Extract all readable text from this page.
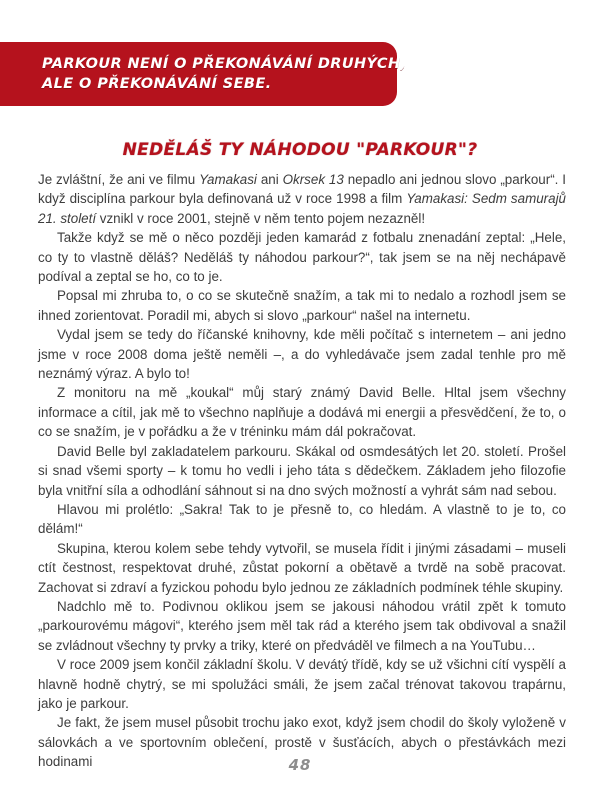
PARKOUR NENÍ O PŘEKONÁVÁNÍ DRUHÝCH,
ALE O PŘEKONÁVÁNÍ SEBE.
NEDĚLÁŠ TY NÁHODOU "PARKOUR"?

Je zvláštní, že ani ve filmu Yamakasi ani Okrsek 13 nepadlo ani jednou slovo „parkour“. I když disciplína parkour byla definovaná už v roce 1998 a film Yamakasi: Sedm samurajů 21. století vznikl v roce 2001, stejně v něm tento pojem nezazněl!

Takže když se mě o něco později jeden kamarád z fotbalu znenadání zeptal: „Hele, co ty to vlastně děláš? Neděláš ty náhodou parkour?“, tak jsem se na něj nechápavě podíval a zeptal se ho, co to je.

Popsal mi zhruba to, o co se skutečně snažím, a tak mi to nedalo a rozhodl jsem se ihned zorientovat. Poradil mi, abych si slovo „parkour“ našel na internetu.

Vydal jsem se tedy do říčanské knihovny, kde měli počítač s internetem – ani jedno jsme v roce 2008 doma ještě neměli –, a do vyhledávače jsem zadal tenhle pro mě neznámý výraz. A bylo to!

Z monitoru na mě „koukal“ můj starý známý David Belle. Hltal jsem všechny informace a cítil, jak mě to všechno naplňuje a dodává mi energii a přesvědčení, že to, o co se snažím, je v pořádku a že v tréninku mám dál pokračovat.

David Belle byl zakladatelem parkouru. Skákal od osmdesátých let 20. století. Prošel si snad všemi sporty – k tomu ho vedli i jeho táta s dědečkem. Základem jeho filozofie byla vnitřní síla a odhodlání sáhnout si na dno svých možností a vyhrát sám nad sebou.

Hlavou mi prolétlo: „Sakra! Tak to je přesně to, co hledám. A vlastně to je to, co dělám!“

Skupina, kterou kolem sebe tehdy vytvořil, se musela řídit i jinými zásadami – museli ctít čestnost, respektovat druhé, zůstat pokorní a obětavě a tvrdě na sobě pracovat. Zachovat si zdraví a fyzickou pohodu bylo jednou ze základních podmínek téhle skupiny.

Nadchlo mě to. Podivnou oklikou jsem se jakousi náhodou vrátil zpět k tomuto „parkourovému mágovi“, kterého jsem měl tak rád a kterého jsem tak obdivoval a snažil se zvládnout všechny ty prvky a triky, které on předváděl ve filmech a na YouTubu…

V roce 2009 jsem končil základní školu. V devátý třídě, kdy se už všichni cítí vyspělí a hlavně hodně chytrý, se mi spolužáci smáli, že jsem začal trénovat takovou trapárnu, jako je parkour.

Je fakt, že jsem musel působit trochu jako exot, když jsem chodil do školy vyloženě v sálovkách a ve sportovním oblečení, prostě v šusťácích, abych o přestávkách mezi hodinami	48
